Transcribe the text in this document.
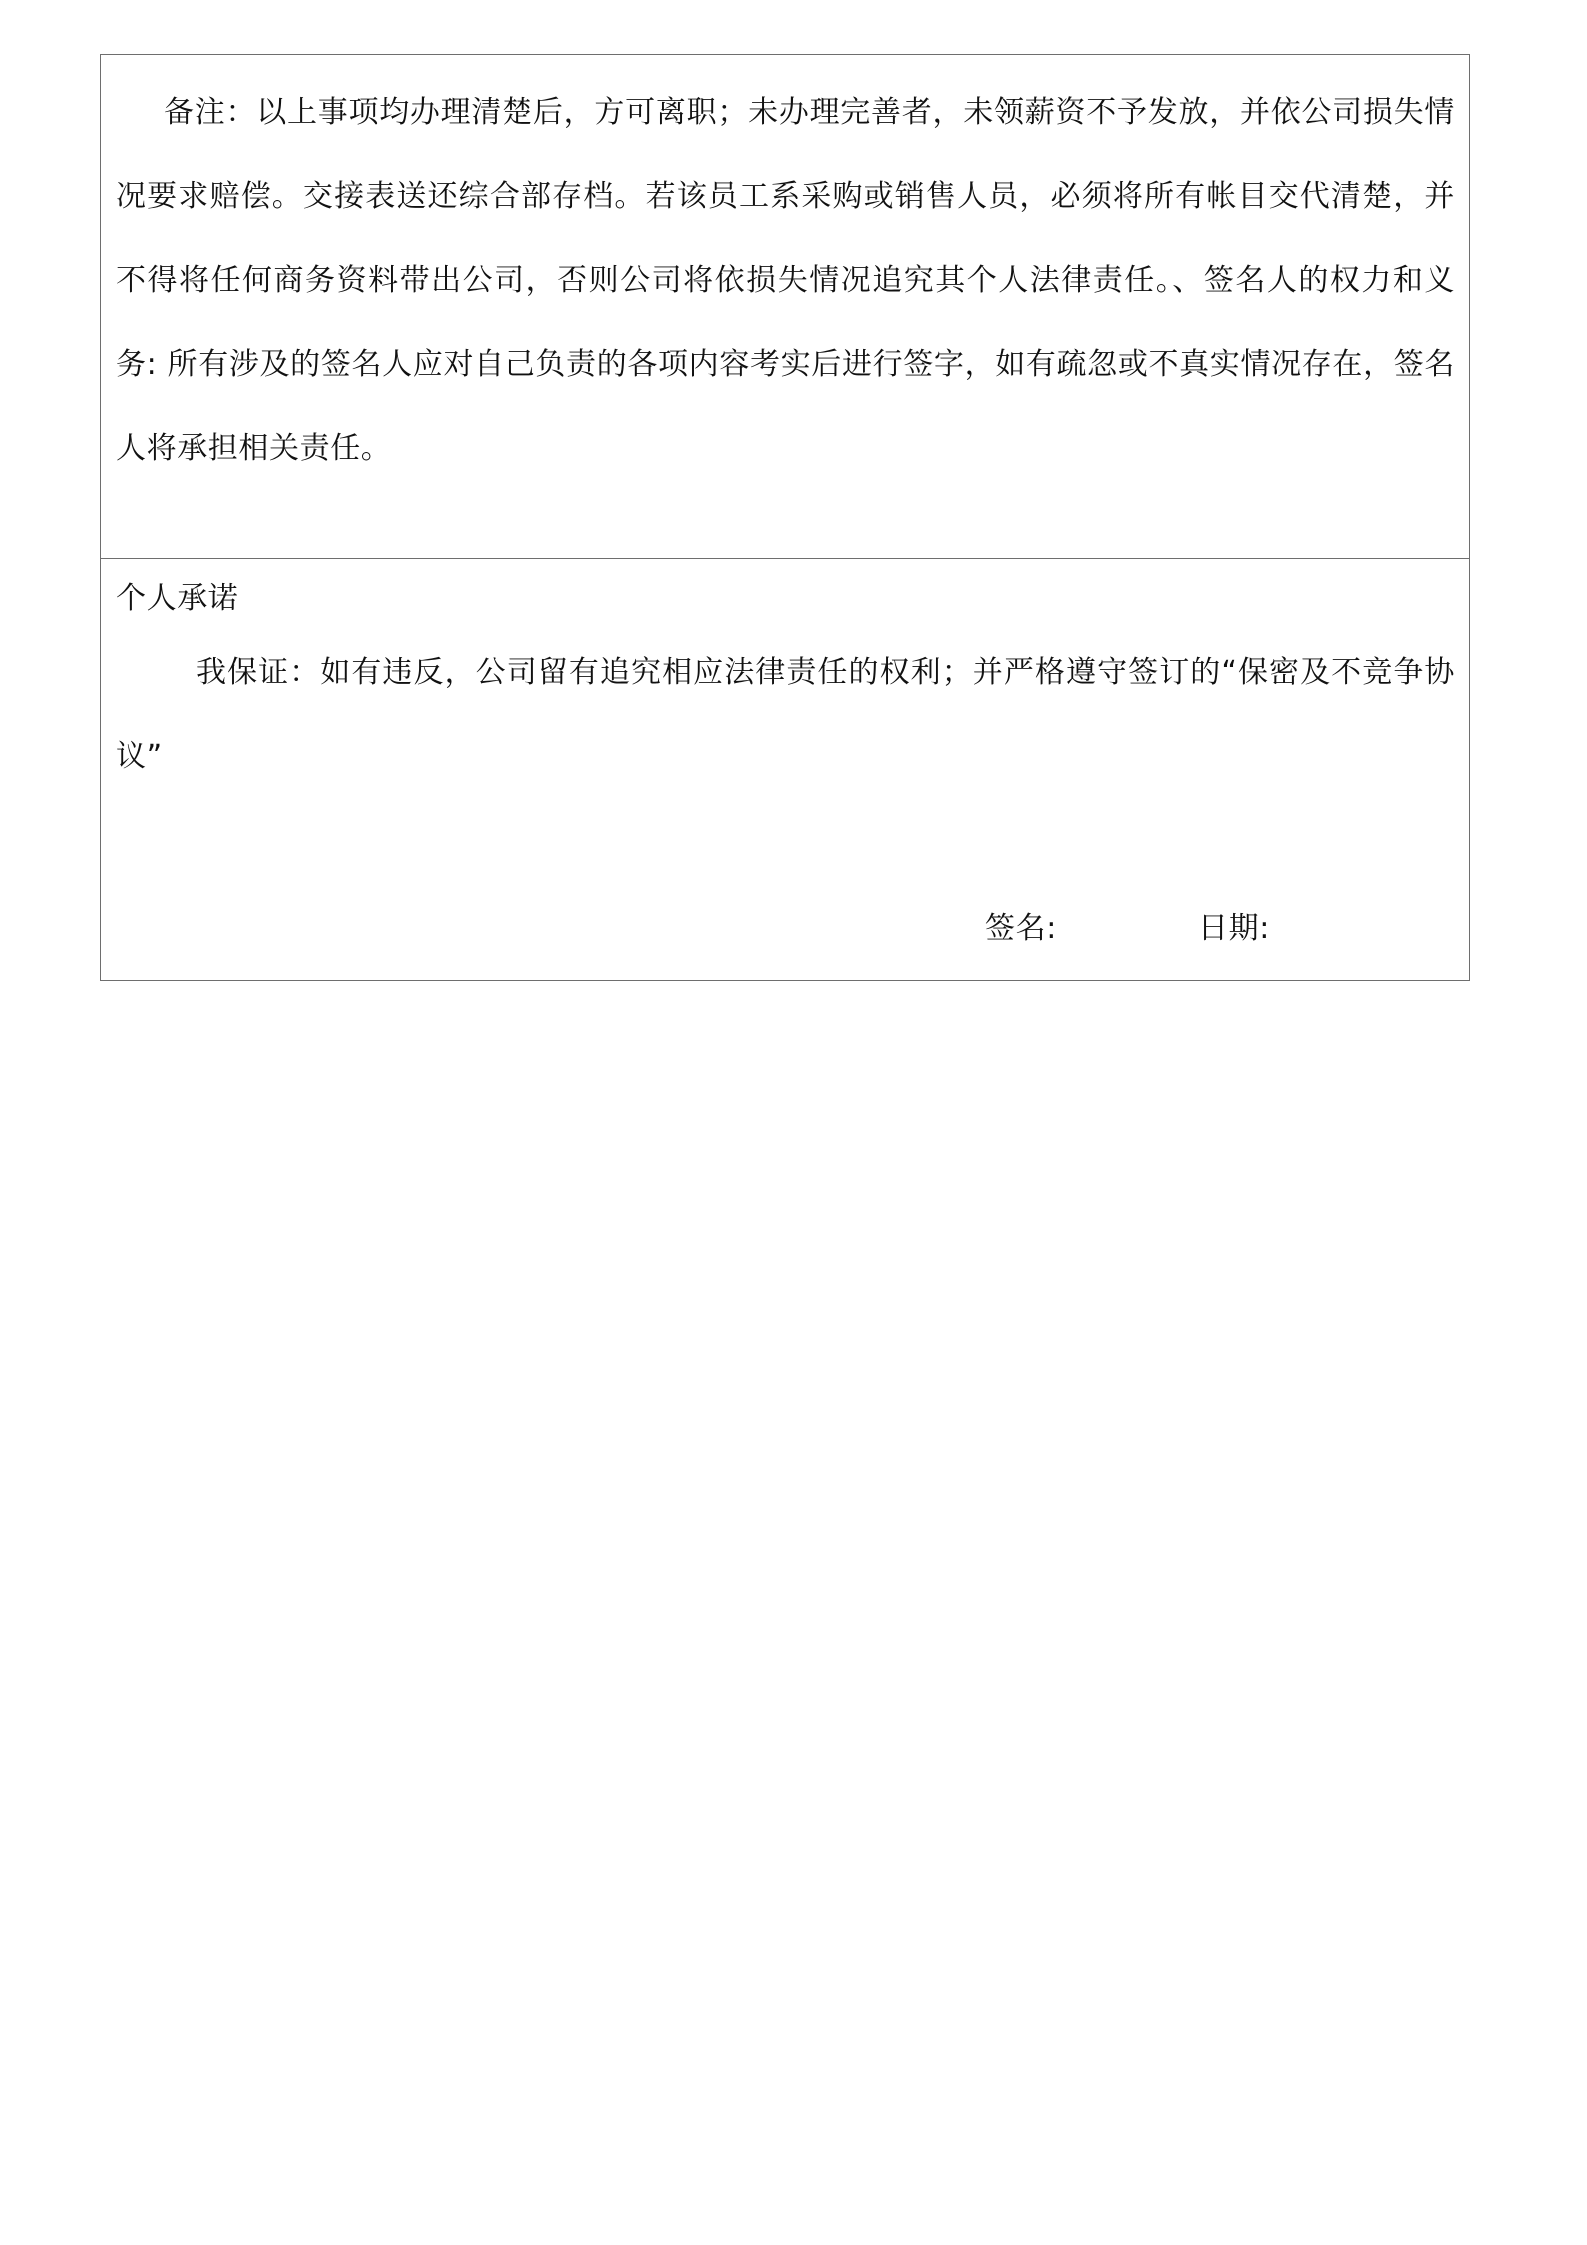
备注：以上事项均办理清楚后，方可离职；未办理完善者，未领薪资不予发放，并依公司损失情况要求赔偿。交接表送还综合部存档。若该员工系采购或销售人员，必须将所有帐目交代清楚，并不得将任何商务资料带出公司，否则公司将依损失情况追究其个人法律责任。、签名人的权力和义务: 所有涉及的签名人应对自己负责的各项内容考实后进行签字，如有疏忽或不真实情况存在，签名人将承担相关责任。

个人承诺

我保证：如有违反，公司留有追究相应法律责任的权利；并严格遵守签订的“保密及不竞争协议”

签名:	日期:
